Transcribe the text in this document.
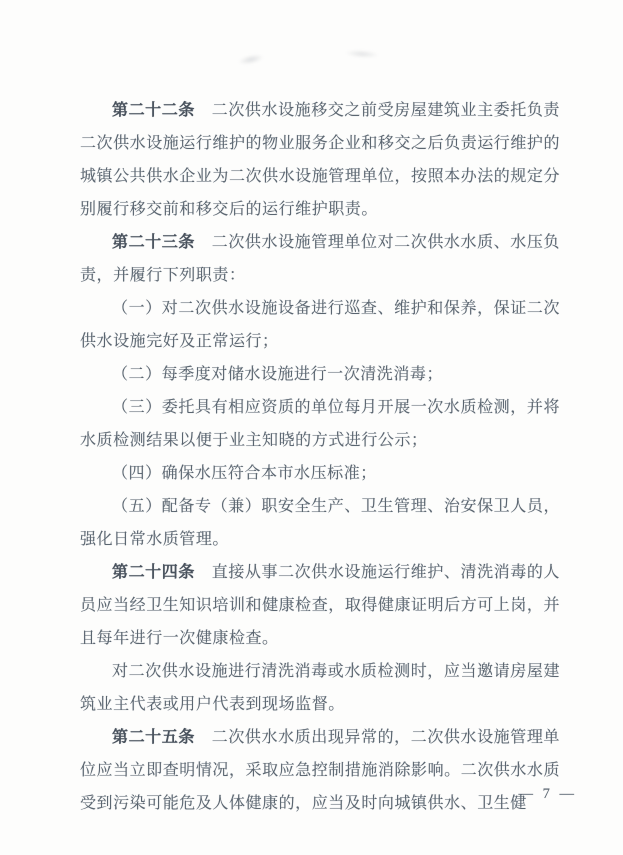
第二十二条 二次供水设施移交之前受房屋建筑业主委托负责二次供水设施运行维护的物业服务企业和移交之后负责运行维护的城镇公共供水企业为二次供水设施管理单位，按照本办法的规定分别履行移交前和移交后的运行维护职责。

第二十三条 二次供水设施管理单位对二次供水水质、水压负责，并履行下列职责：

（一）对二次供水设施设备进行巡查、维护和保养，保证二次供水设施完好及正常运行；

（二）每季度对储水设施进行一次清洗消毒；

（三）委托具有相应资质的单位每月开展一次水质检测，并将水质检测结果以便于业主知晓的方式进行公示；

（四）确保水压符合本市水压标准；

（五）配备专（兼）职安全生产、卫生管理、治安保卫人员，强化日常水质管理。

第二十四条 直接从事二次供水设施运行维护、清洗消毒的人员应当经卫生知识培训和健康检查，取得健康证明后方可上岗，并且每年进行一次健康检查。

对二次供水设施进行清洗消毒或水质检测时，应当邀请房屋建筑业主代表或用户代表到现场监督。

第二十五条 二次供水水质出现异常的，二次供水设施管理单位应当立即查明情况，采取应急控制措施消除影响。二次供水水质受到污染可能危及人体健康的，应当及时向城镇供水、卫生健

— 7 —
